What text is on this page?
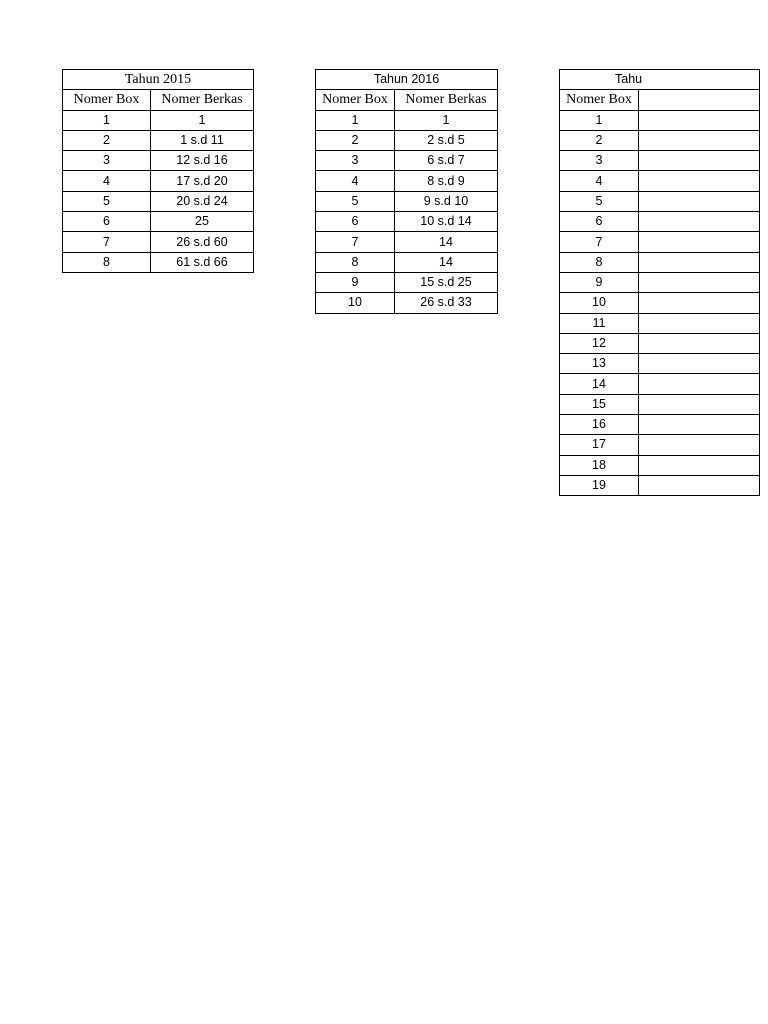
Tahun 2015	
Nomer Box	Nomer Berkas
1	1
2	1 s.d 11
3	12 s.d 16
4	17 s.d 20
5	20 s.d 24
6	25
7	26 s.d 60
8	61 s.d 66
Tahun 2016	
Nomer Box	Nomer Berkas
1	1
2	2 s.d 5
3	6 s.d 7
4	8 s.d 9
5	9 s.d 10
6	10 s.d 14
7	14
8	14
9	15 s.d 25
10	26 s.d 33
Tahu	
Nomer Box	
1	
2	
3	
4	
5	
6	
7	
8	
9	
10	
11	
12	
13	
14	
15	
16	
17	
18	
19	
